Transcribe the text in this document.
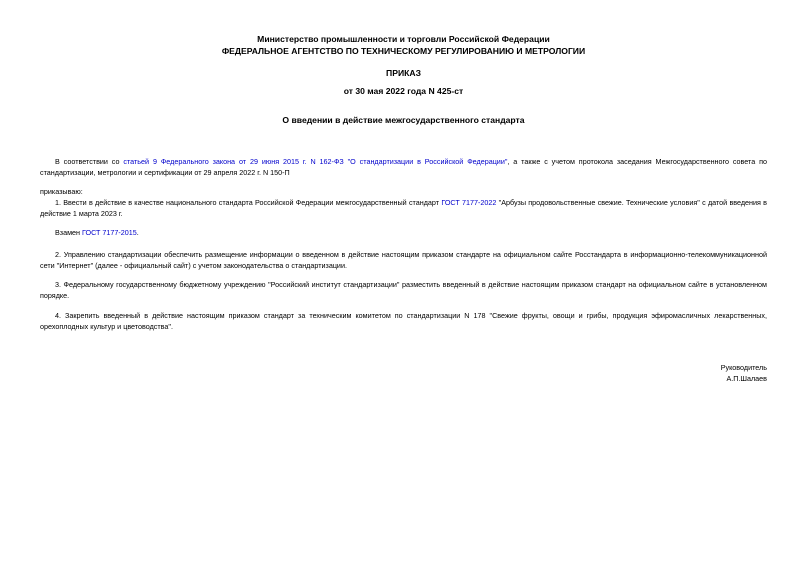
Министерство промышленности и торговли Российской Федерации
ФЕДЕРАЛЬНОЕ АГЕНТСТВО ПО ТЕХНИЧЕСКОМУ РЕГУЛИРОВАНИЮ И МЕТРОЛОГИИ
ПРИКАЗ
от 30 мая 2022 года N 425-ст
О введении в действие межгосударственного стандарта
В соответствии со статьей 9 Федерального закона от 29 июня 2015 г. N 162-ФЗ "О стандартизации в Российской Федерации", а также с учетом протокола заседания Межгосударственного совета по стандартизации, метрологии и сертификации от 29 апреля 2022 г. N 150-П
приказываю:
1. Ввести в действие в качестве национального стандарта Российской Федерации межгосударственный стандарт ГОСТ 7177-2022 "Арбузы продовольственные свежие. Технические условия" с датой введения в действие 1 марта 2023 г.
Взамен ГОСТ 7177-2015.
2. Управлению стандартизации обеспечить размещение информации о введенном в действие настоящим приказом стандарте на официальном сайте Росстандарта в информационно-телекоммуникационной сети "Интернет" (далее - официальный сайт) с учетом законодательства о стандартизации.
3. Федеральному государственному бюджетному учреждению "Российский институт стандартизации" разместить введенный в действие настоящим приказом стандарт на официальном сайте в установленном порядке.
4. Закрепить введенный в действие настоящим приказом стандарт за техническим комитетом по стандартизации N 178 "Свежие фрукты, овощи и грибы, продукция эфиромасличных лекарственных, орехоплодных культур и цветоводства".
Руководитель
А.П.Шалаев
